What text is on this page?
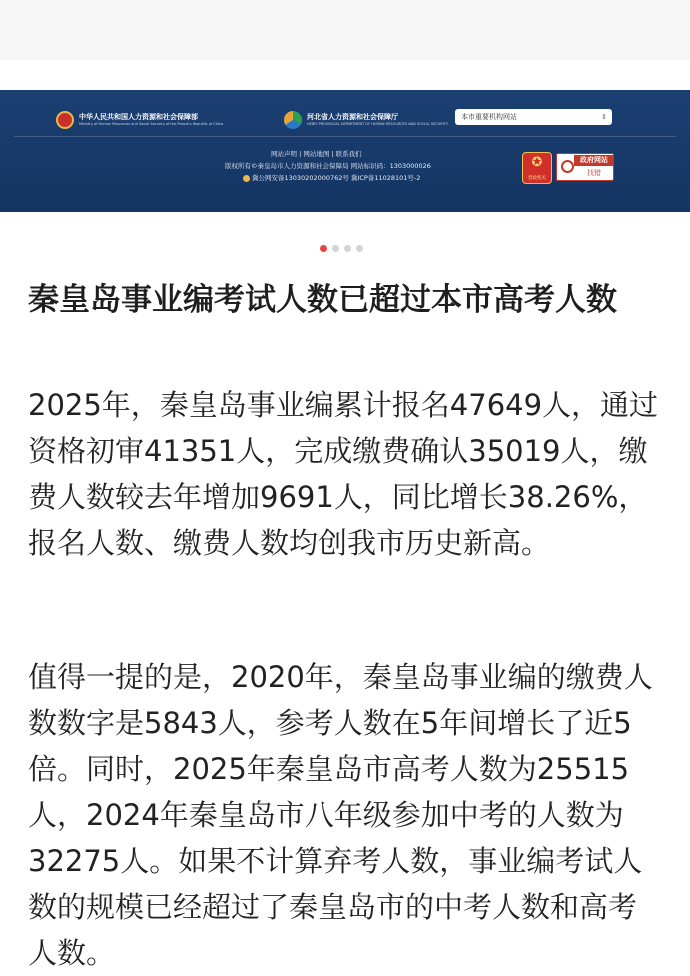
中华人民共和国人力资源和社会保障部
Ministry of Human Resources and Social Security of the People's Republic of China
河北省人力资源和社会保障厅
HEBEI PROVINCIAL DEPARTMENT OF HUMAN RESOURCES AND SOCIAL SECURITY
本市重要机构网站	⇕
网站声明 | 网站地图 | 联系我们
版权所有©秦皇岛市人力资源和社会保障局 网站标识码：1303000026
冀公网安备13030202000762号 冀ICP备11028101号-2
✪
党政机关
政府网站
找错
秦皇岛事业编考试人数已超过本市高考人数

2025年，秦皇岛事业编累计报名47649人，通过资格初审41351人，完成缴费确认35019人，缴费人数较去年增加9691人，同比增长38.26%，报名人数、缴费人数均创我市历史新高。

值得一提的是，2020年，秦皇岛事业编的缴费人数数字是5843人，参考人数在5年间增长了近5倍。同时，2025年秦皇岛市高考人数为25515人，2024年秦皇岛市八年级参加中考的人数为32275人。如果不计算弃考人数，事业编考试人数的规模已经超过了秦皇岛市的中考人数和高考人数。
